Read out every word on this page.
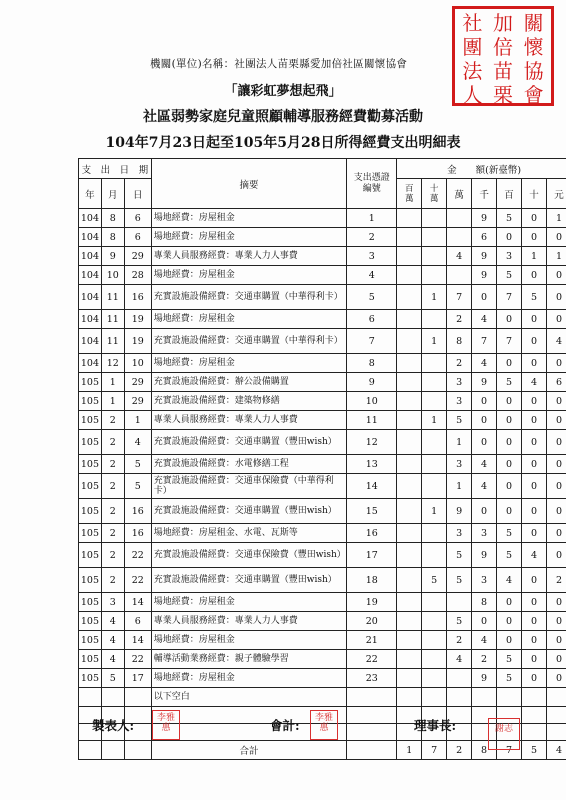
機關(單位)名稱：社團法人苗栗縣愛加倍社區關懷協會
社 加 關
團 倍 懷
法 苗 協
人 栗 會
「讓彩虹夢想起飛」
社區弱勢家庭兒童照顧輔導服務經費勸募活動
104年7月23日起至105年5月28日所得經費支出明細表
支　出　日　期			摘要	支出憑證編號	金　　額(新臺幣)						
年	月	日			百萬	十萬	萬	千	百	十	元
104	8	6	場地經費：房屋租金	1				9	5	0	1
104	8	6	場地經費：房屋租金	2				6	0	0	0
104	9	29	專業人員服務經費：專業人力人事費	3			4	9	3	1	1
104	10	28	場地經費：房屋租金	4				9	5	0	0
104	11	16	充實設施設備經費：交通車購置（中華得利卡）	5		1	7	0	7	5	0
104	11	19	場地經費：房屋租金	6			2	4	0	0	0
104	11	19	充實設施設備經費：交通車購置（中華得利卡）	7		1	8	7	7	0	4
104	12	10	場地經費：房屋租金	8			2	4	0	0	0
105	1	29	充實設施設備經費：辦公設備購置	9			3	9	5	4	6
105	1	29	充實設施設備經費：建築物修繕	10			3	0	0	0	0
105	2	1	專業人員服務經費：專業人力人事費	11		1	5	0	0	0	0
105	2	4	充實設施設備經費：交通車購置（豐田wish）	12			1	0	0	0	0
105	2	5	充實設施設備經費：水電修繕工程	13			3	4	0	0	0
105	2	5	充實設施設備經費：交通車保險費（中華得利卡）	14			1	4	0	0	0
105	2	16	充實設施設備經費：交通車購置（豐田wish）	15		1	9	0	0	0	0
105	2	16	場地經費：房屋租金、水電、瓦斯等	16			3	3	5	0	0
105	2	22	充實設施設備經費：交通車保險費（豐田wish）	17			5	9	5	4	0
105	2	22	充實設施設備經費：交通車購置（豐田wish）	18		5	5	3	4	0	2
105	3	14	場地經費：房屋租金	19				8	0	0	0
105	4	6	專業人員服務經費：專業人力人事費	20			5	0	0	0	0
105	4	14	場地經費：房屋租金	21			2	4	0	0	0
105	4	22	輔導活動業務經費：親子體驗學習	22			4	2	5	0	0
105	5	17	場地經費：房屋租金	23				9	5	0	0
			以下空白								

			合計		1	7	2	8	7	5	4
製表人:	李雅惠	會計:	李雅惠	理事長:	謝志
